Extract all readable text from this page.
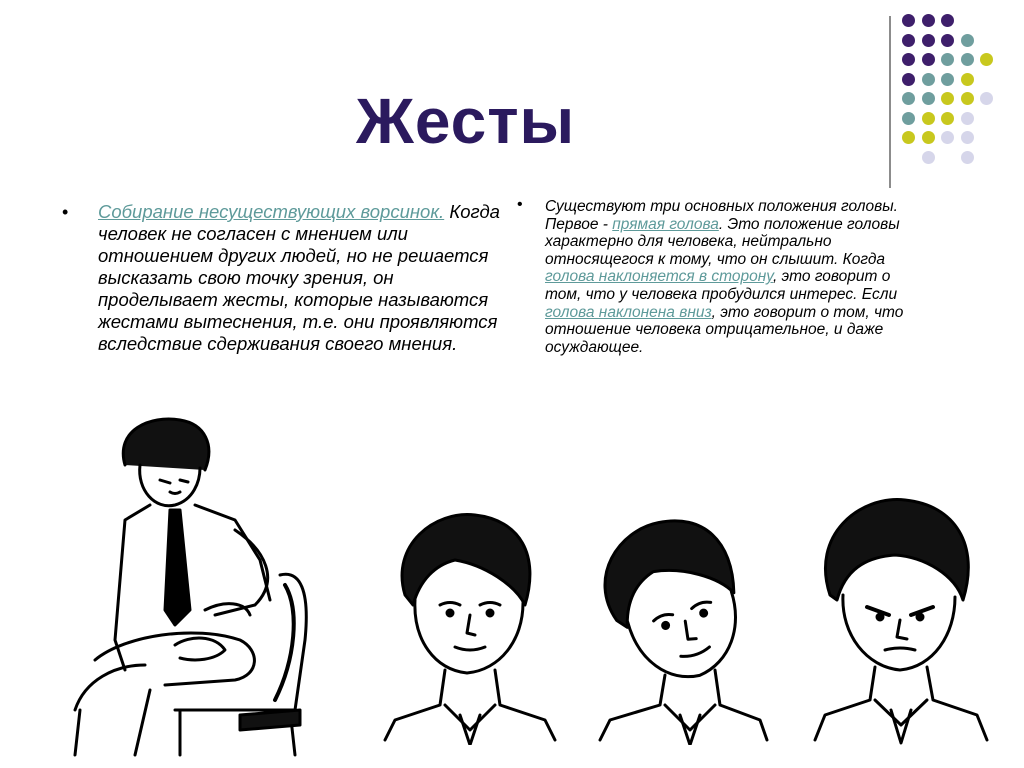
Жесты
• Собирание несуществующих ворсинок. Когда человек не согласен с мнением или отношением других людей, но не решается высказать свою точку зрения, он проделывает жесты, которые называются жестами вытеснения, т.е. они проявляются вследствие сдерживания своего мнения.
• Существуют три основных положения головы. Первое - прямая голова. Это положение головы характерно для человека, нейтрально относящегося к тому, что он слышит. Когда голова наклоняется в сторону, это говорит о том, что у человека пробудился интерес. Если голова наклонена вниз, это говорит о том, что отношение человека отрицательное, и даже осуждающее.
